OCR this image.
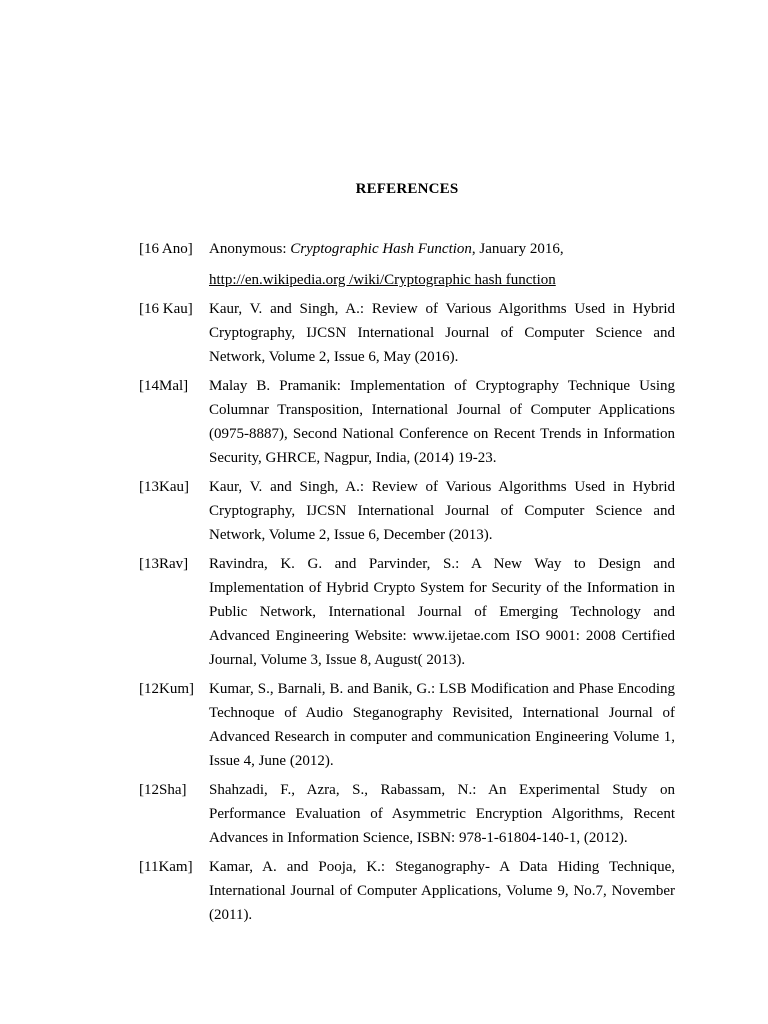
REFERENCES
[16 Ano]	Anonymous: Cryptographic Hash Function, January 2016,
http://en.wikipedia.org /wiki/Cryptographic hash function
[16 Kau]	Kaur, V. and Singh, A.: Review of Various Algorithms Used in Hybrid Cryptography, IJCSN International Journal of Computer Science and Network, Volume 2, Issue 6, May (2016).
[14Mal]	Malay B. Pramanik: Implementation of Cryptography Technique Using Columnar Transposition, International Journal of Computer Applications (0975-8887), Second National Conference on Recent Trends in Information Security, GHRCE, Nagpur, India, (2014) 19-23.
[13Kau]	Kaur, V. and Singh, A.: Review of Various Algorithms Used in Hybrid Cryptography, IJCSN International Journal of Computer Science and Network, Volume 2, Issue 6, December (2013).
[13Rav]	Ravindra, K. G. and Parvinder, S.: A New Way to Design and Implementation of Hybrid Crypto System for Security of the Information in Public Network, International Journal of Emerging Technology and Advanced Engineering Website: www.ijetae.com ISO 9001: 2008 Certified Journal, Volume 3, Issue 8, August( 2013).
[12Kum]	Kumar, S., Barnali, B. and Banik, G.: LSB Modification and Phase Encoding Technoque of Audio Steganography Revisited, International Journal of Advanced Research in computer and communication Engineering Volume 1, Issue 4, June (2012).
[12Sha]	Shahzadi, F., Azra, S., Rabassam, N.: An Experimental Study on Performance Evaluation of Asymmetric Encryption Algorithms, Recent Advances in Information Science, ISBN: 978-1-61804-140-1, (2012).
[11Kam]	Kamar, A. and Pooja, K.: Steganography- A Data Hiding Technique, International Journal of Computer Applications, Volume 9, No.7, November (2011).
